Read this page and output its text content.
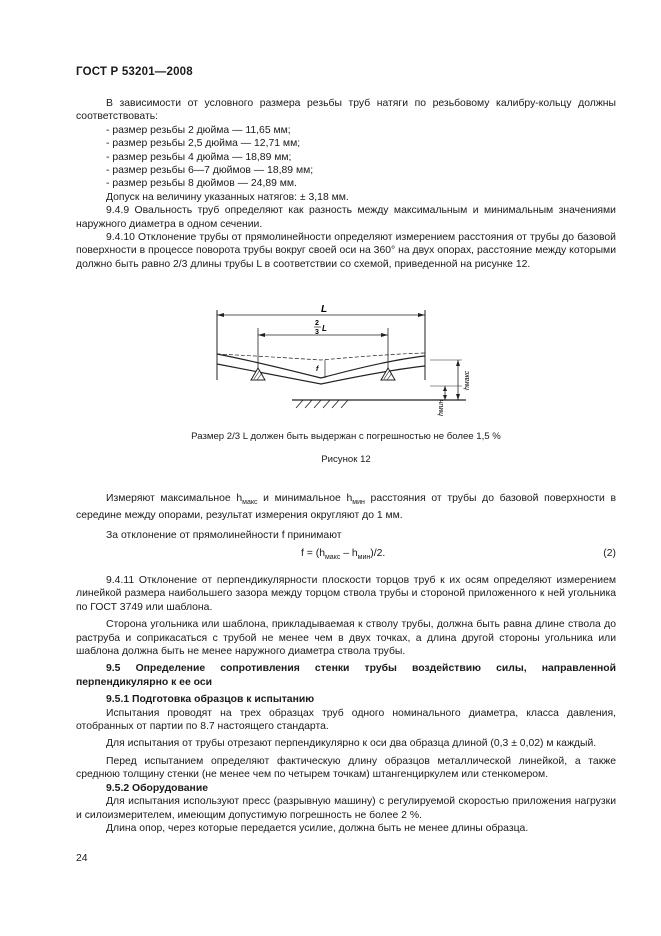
ГОСТ Р 53201—2008

В зависимости от условного размера резьбы труб натяги по резьбовому калибру-кольцу должны соответствовать:

- размер резьбы 2 дюйма — 11,65 мм;

- размер резьбы 2,5 дюйма — 12,71 мм;

- размер резьбы 4 дюйма — 18,89 мм;

- размер резьбы 6—7 дюймов — 18,89 мм;

- размер резьбы 8 дюймов — 24,89 мм.

Допуск на величину указанных натягов: ± 3,18 мм.

9.4.9 Овальность труб определяют как разность между максимальным и минимальным значениями наружного диаметра в одном сечении.

9.4.10 Отклонение трубы от прямолинейности определяют измерением расстояния от трубы до базовой поверхности в процессе поворота трубы вокруг своей оси на 360° на двух опорах, расстояние между которыми должно быть равно 2/3 длины трубы L в соответствии со схемой, приведенной на рисунке 12.

L
2
3 L
f
hмакс
hмин
Размер 2/3 L должен быть выдержан с погрешностью не более 1,5 %
Рисунок 12

Измеряют максимальное $h_{макс}$ и минимальное $h_{мин}$ расстояния от трубы до базовой поверхности в середине между опорами, результат измерения округляют до 1 мм.

За отклонение от прямолинейности f принимают

$f = (h_{макс} - h_{мин})/2$.	(2)

9.4.11 Отклонение от перпендикулярности плоскости торцов труб к их осям определяют измерением линейкой размера наибольшего зазора между торцом ствола трубы и стороной приложенного к ней угольника по ГОСТ 3749 или шаблона.

Сторона угольника или шаблона, прикладываемая к стволу трубы, должна быть равна длине ствола до раструба и соприкасаться с трубой не менее чем в двух точках, а длина другой стороны угольника или шаблона должна быть не менее наружного диаметра ствола трубы.

9.5 Определение сопротивления стенки трубы воздействию силы, направленной перпендикулярно к ее оси

9.5.1 Подготовка образцов к испытанию

Испытания проводят на трех образцах труб одного номинального диаметра, класса давления, отобранных от партии по 8.7 настоящего стандарта.

Для испытания от трубы отрезают перпендикулярно к оси два образца длиной (0,3 ± 0,02) м каждый.

Перед испытанием определяют фактическую длину образцов металлической линейкой, а также среднюю толщину стенки (не менее чем по четырем точкам) штангенциркулем или стенкомером.

9.5.2 Оборудование

Для испытания используют пресс (разрывную машину) с регулируемой скоростью приложения нагрузки и силоизмерителем, имеющим допустимую погрешность не более 2 %.

Длина опор, через которые передается усилие, должна быть не менее длины образца.

24
